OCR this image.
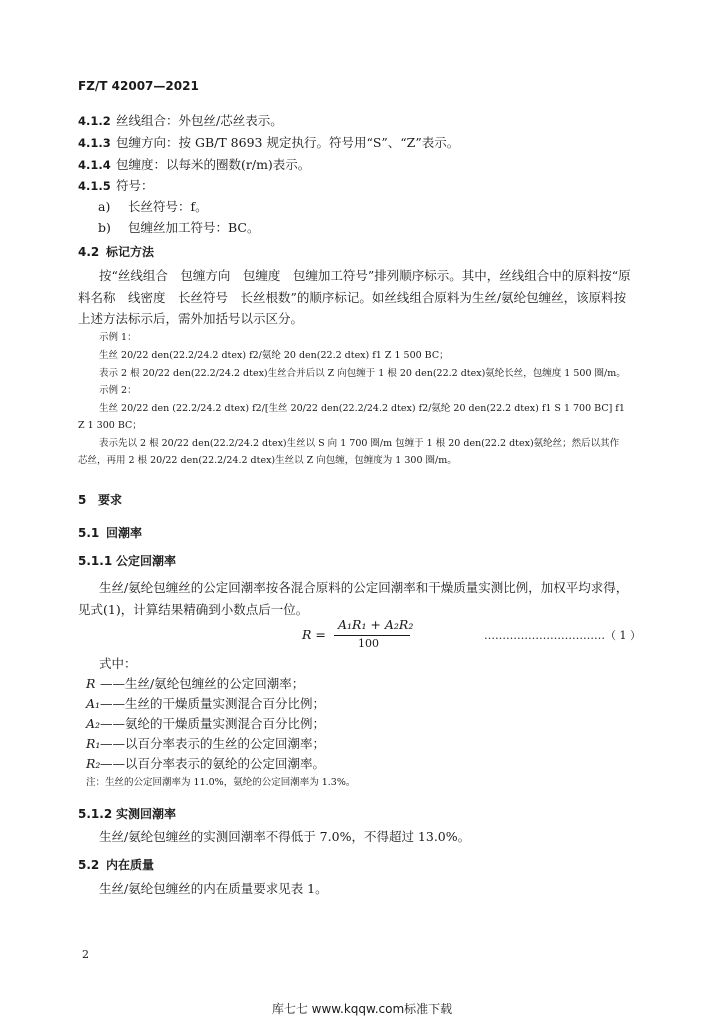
FZ/T 42007—2021
4.1.2 丝线组合：外包丝/芯丝表示。
4.1.3 包缠方向：按 GB/T 8693 规定执行。符号用“S”、“Z”表示。
4.1.4 包缠度：以每米的圈数(r/m)表示。
4.1.5 符号：
a) 长丝符号：f。
b) 包缠丝加工符号：BC。
4.2 标记方法
按“丝线组合　包缠方向　包缠度　包缠加工符号”排列顺序标示。其中，丝线组合中的原料按“原
料名称　线密度　长丝符号　长丝根数”的顺序标记。如丝线组合原料为生丝/氨纶包缠丝，该原料按
上述方法标示后，需外加括号以示区分。
示例 1：
生丝 20/22 den(22.2/24.2 dtex) f2/氨纶 20 den(22.2 dtex) f1 Z 1 500 BC；
表示 2 根 20/22 den(22.2/24.2 dtex)生丝合并后以 Z 向包缠于 1 根 20 den(22.2 dtex)氨纶长丝，包缠度 1 500 圈/m。
示例 2：
生丝 20/22 den (22.2/24.2 dtex) f2/[生丝 20/22 den(22.2/24.2 dtex) f2/氨纶 20 den(22.2 dtex) f1 S 1 700 BC] f1
Z 1 300 BC；
表示先以 2 根 20/22 den(22.2/24.2 dtex)生丝以 S 向 1 700 圈/m 包缠于 1 根 20 den(22.2 dtex)氨纶丝；然后以其作
芯丝，再用 2 根 20/22 den(22.2/24.2 dtex)生丝以 Z 向包缠，包缠度为 1 300 圈/m。
5 要求
5.1 回潮率
5.1.1 公定回潮率
生丝/氨纶包缠丝的公定回潮率按各混合原料的公定回潮率和干燥质量实测比例，加权平均求得，
见式(1)，计算结果精确到小数点后一位。
R =
A₁R₁ + A₂R₂
100
……………………………（ 1 ）
式中：
R ——生丝/氨纶包缠丝的公定回潮率；
A₁——生丝的干燥质量实测混合百分比例；
A₂——氨纶的干燥质量实测混合百分比例；
R₁——以百分率表示的生丝的公定回潮率；
R₂——以百分率表示的氨纶的公定回潮率。
注：生丝的公定回潮率为 11.0%，氨纶的公定回潮率为 1.3%。
5.1.2 实测回潮率
生丝/氨纶包缠丝的实测回潮率不得低于 7.0%，不得超过 13.0%。
5.2 内在质量
生丝/氨纶包缠丝的内在质量要求见表 1。
2
库七七 www.kqqw.com标准下载
